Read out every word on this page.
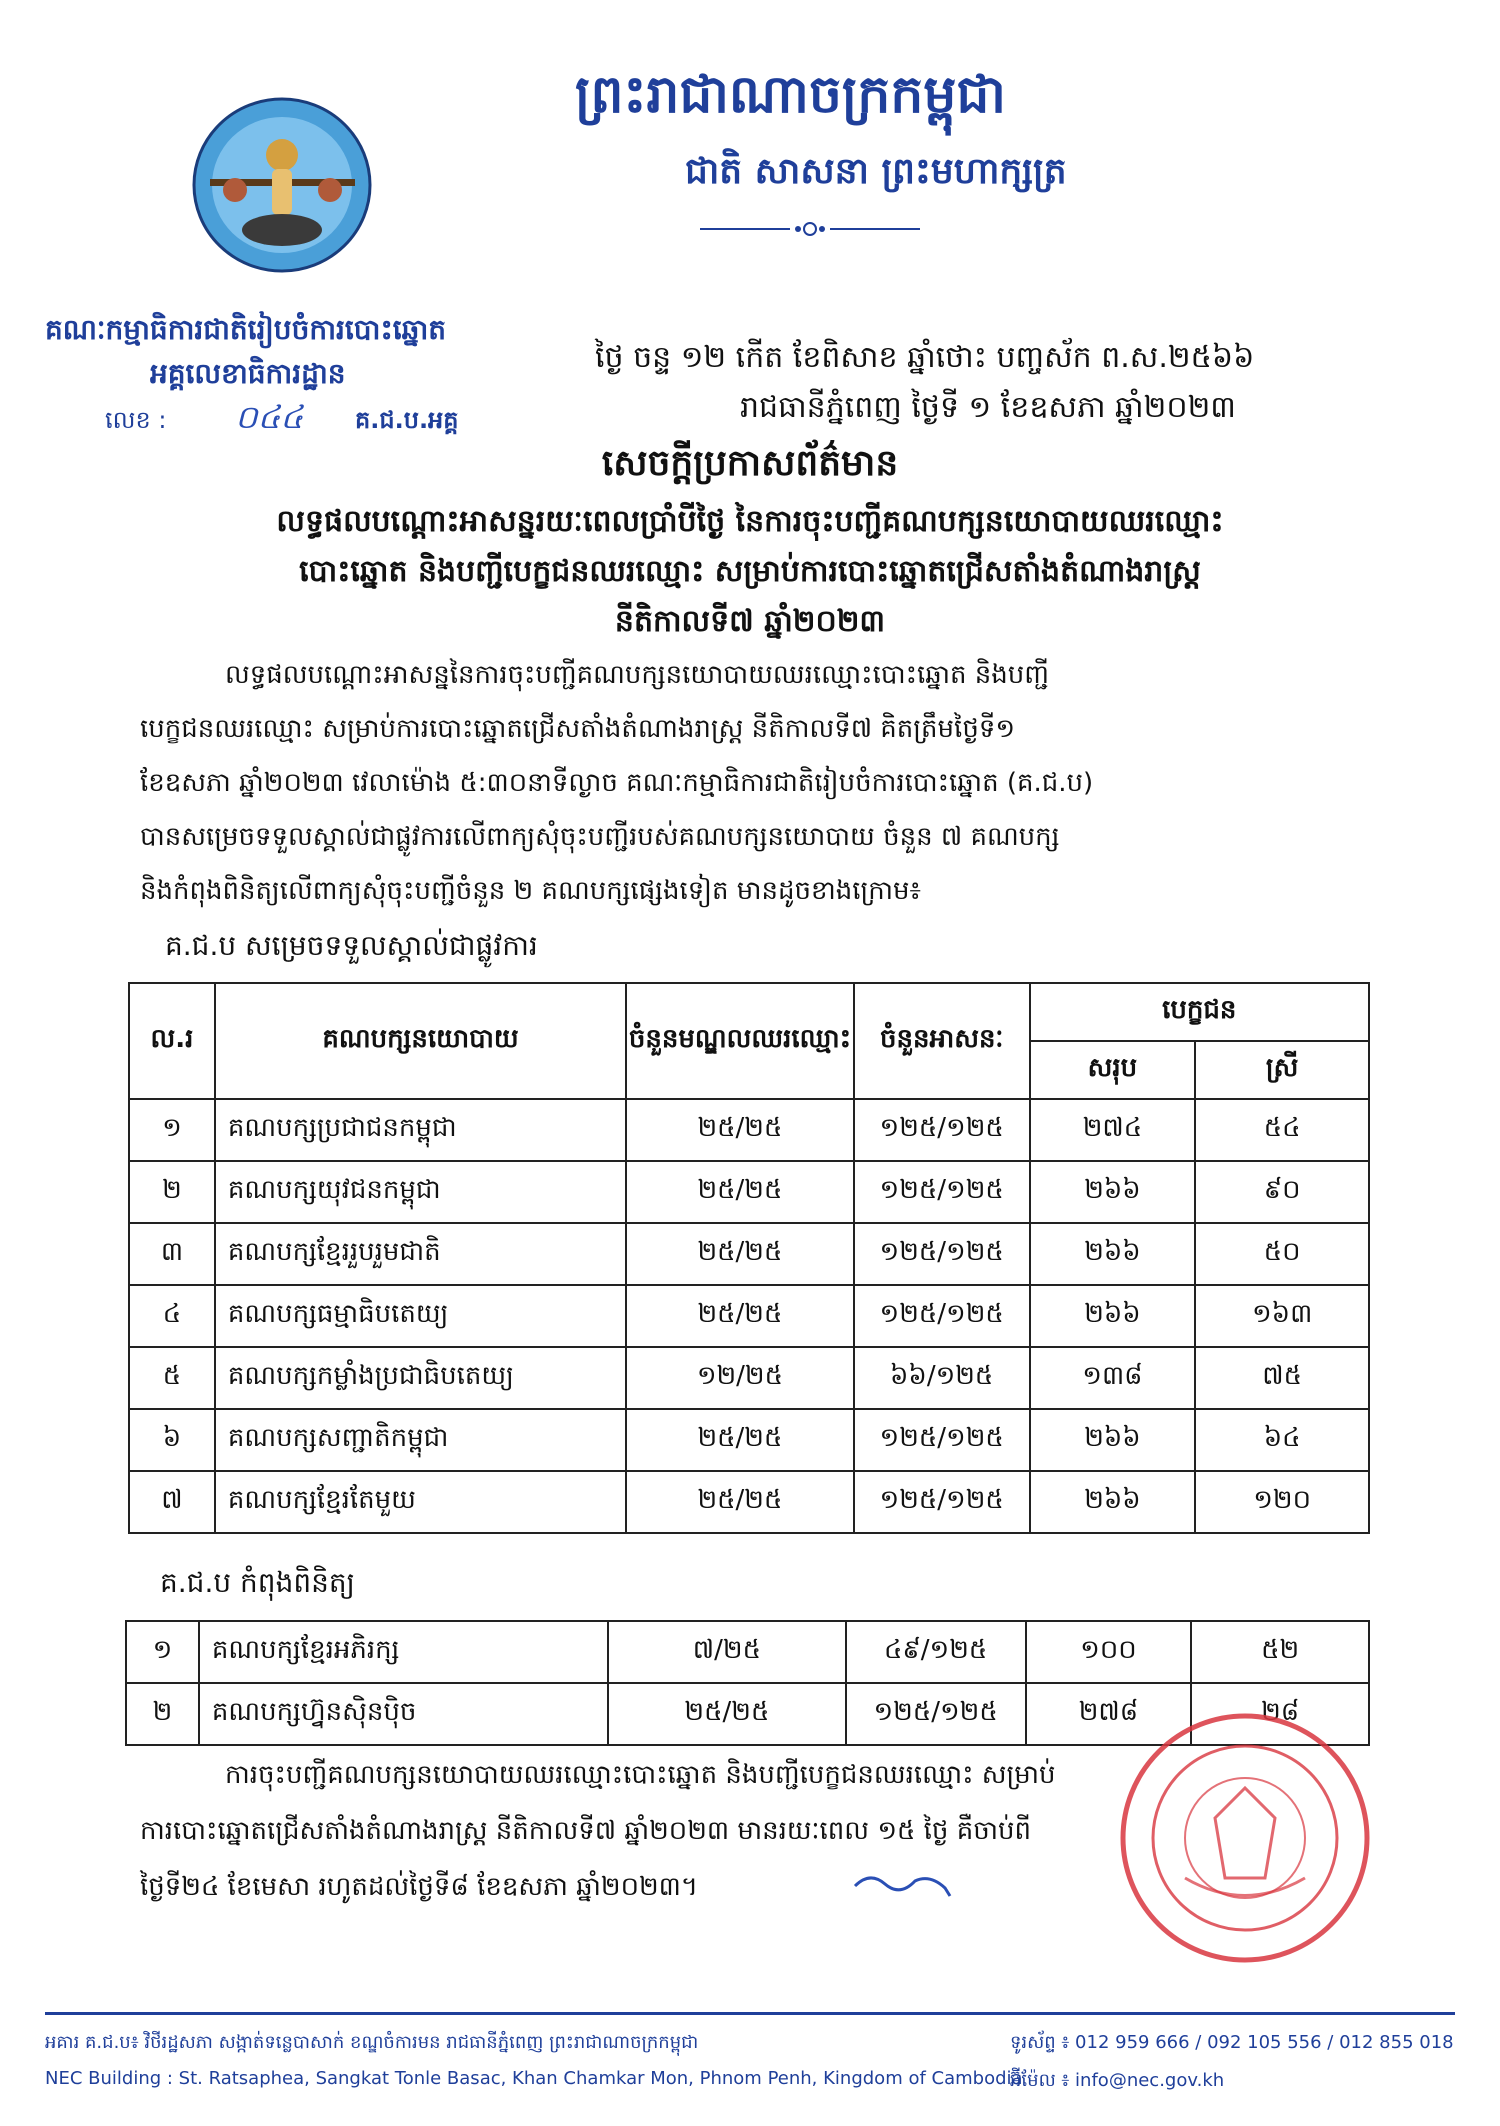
ព្រះរាជាណាចក្រកម្ពុជា
ជាតិ សាសនា ព្រះមហាក្សត្រ
គណៈកម្មាធិការជាតិរៀបចំការបោះឆ្នោត
អគ្គលេខាធិការដ្ឋាន
លេខ : ០៤៤ គ.ជ.ប.អគ្គ
ថ្ងៃ ចន្ទ ១២ កើត ខែពិសាខ ឆ្នាំថោះ បញ្ចស័ក ព.ស.២៥៦៦
រាជធានីភ្នំពេញ ថ្ងៃទី ១ ខែឧសភា ឆ្នាំ២០២៣
សេចក្តីប្រកាសព័ត៌មាន
លទ្ធផលបណ្តោះអាសន្នរយៈពេលប្រាំបីថ្ងៃ នៃការចុះបញ្ជីគណបក្សនយោបាយឈរឈ្មោះ
បោះឆ្នោត និងបញ្ជីបេក្ខជនឈរឈ្មោះ សម្រាប់ការបោះឆ្នោតជ្រើសតាំងតំណាងរាស្ត្រ
នីតិកាលទី៧ ឆ្នាំ២០២៣
លទ្ធផលបណ្តោះអាសន្ននៃការចុះបញ្ជីគណបក្សនយោបាយឈរឈ្មោះបោះឆ្នោត និងបញ្ជី
បេក្ខជនឈរឈ្មោះ សម្រាប់ការបោះឆ្នោតជ្រើសតាំងតំណាងរាស្ត្រ នីតិកាលទី៧ គិតត្រឹមថ្ងៃទី១
ខែឧសភា ឆ្នាំ២០២៣ វេលាម៉ោង ៥:៣០នាទីល្ងាច គណៈកម្មាធិការជាតិរៀបចំការបោះឆ្នោត (គ.ជ.ប)
បានសម្រេចទទួលស្គាល់ជាផ្លូវការលើពាក្យសុំចុះបញ្ជីរបស់គណបក្សនយោបាយ ចំនួន ៧ គណបក្ស
និងកំពុងពិនិត្យលើពាក្យសុំចុះបញ្ជីចំនួន ២ គណបក្សផ្សេងទៀត មានដូចខាងក្រោម៖
គ.ជ.ប សម្រេចទទួលស្គាល់ជាផ្លូវការ
ល.រ	គណបក្សនយោបាយ	ចំនួនមណ្ឌលឈរឈ្មោះ	ចំនួនអាសនៈ	បេក្ខជន	
				សរុប	ស្រី
១	គណបក្សប្រជាជនកម្ពុជា	២៥/២៥	១២៥/១២៥	២៧៤	៥៤
២	គណបក្សយុវជនកម្ពុជា	២៥/២៥	១២៥/១២៥	២៦៦	៩០
៣	គណបក្សខ្មែររួបរួមជាតិ	២៥/២៥	១២៥/១២៥	២៦៦	៥០
៤	គណបក្សធម្មាធិបតេយ្យ	២៥/២៥	១២៥/១២៥	២៦៦	១៦៣
៥	គណបក្សកម្លាំងប្រជាធិបតេយ្យ	១២/២៥	៦៦/១២៥	១៣៨	៧៥
៦	គណបក្សសញ្ជាតិកម្ពុជា	២៥/២៥	១២៥/១២៥	២៦៦	៦៤
៧	គណបក្សខ្មែរតែមួយ	២៥/២៥	១២៥/១២៥	២៦៦	១២០
គ.ជ.ប កំពុងពិនិត្យ
១	គណបក្សខ្មែរអភិរក្ស	៧/២៥	៤៩/១២៥	១០០	៥២
២	គណបក្សហ្វ៊ុនស៊ិនប៉ិច	២៥/២៥	១២៥/១២៥	២៧៨	២៨
ការចុះបញ្ជីគណបក្សនយោបាយឈរឈ្មោះបោះឆ្នោត និងបញ្ជីបេក្ខជនឈរឈ្មោះ សម្រាប់
ការបោះឆ្នោតជ្រើសតាំងតំណាងរាស្ត្រ នីតិកាលទី៧ ឆ្នាំ២០២៣ មានរយៈពេល ១៥ ថ្ងៃ គឺចាប់ពី
ថ្ងៃទី២៤ ខែមេសា រហូតដល់ថ្ងៃទី៨ ខែឧសភា ឆ្នាំ២០២៣។
អគារ គ.ជ.ប៖ វិថីរដ្ឋសភា សង្កាត់ទន្លេបាសាក់ ខណ្ឌចំការមន រាជធានីភ្នំពេញ ព្រះរាជាណាចក្រកម្ពុជា
NEC Building : St. Ratsaphea, Sangkat Tonle Basac, Khan Chamkar Mon, Phnom Penh, Kingdom of Cambodia
ទូរស័ព្ទ ៖ 012 959 666 / 092 105 556 / 012 855 018
អ៊ីម៉ែល ៖ info@nec.gov.kh
